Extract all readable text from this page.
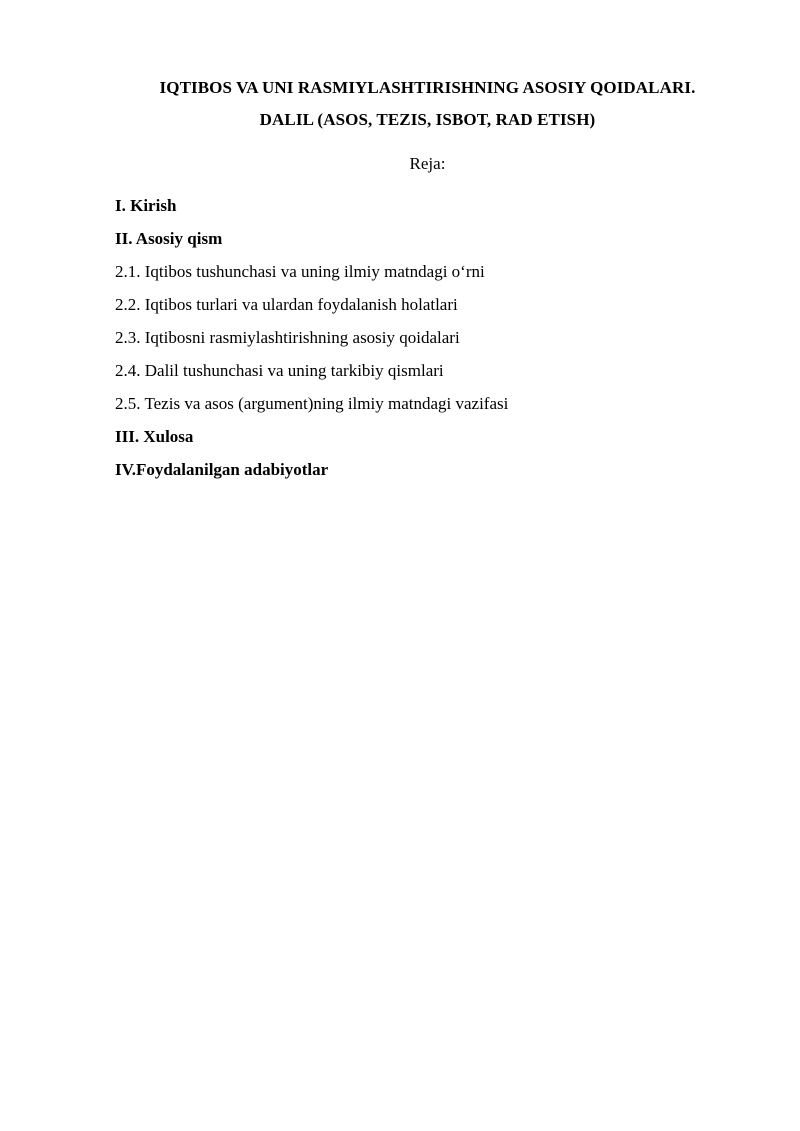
IQTIBOS VA UNI RASMIYLASHTIRISHNING ASOSIY QOIDALARI.
DALIL (ASOS, TEZIS, ISBOT, RAD ETISH)
Reja:
I. Kirish
II. Asosiy qism
2.1. Iqtibos tushunchasi va uning ilmiy matndagi o‘rni
2.2. Iqtibos turlari va ulardan foydalanish holatlari
2.3. Iqtibosni rasmiylashtirishning asosiy qoidalari
2.4. Dalil tushunchasi va uning tarkibiy qismlari
2.5. Tezis va asos (argument)ning ilmiy matndagi vazifasi
III. Xulosa
IV.Foydalanilgan adabiyotlar
